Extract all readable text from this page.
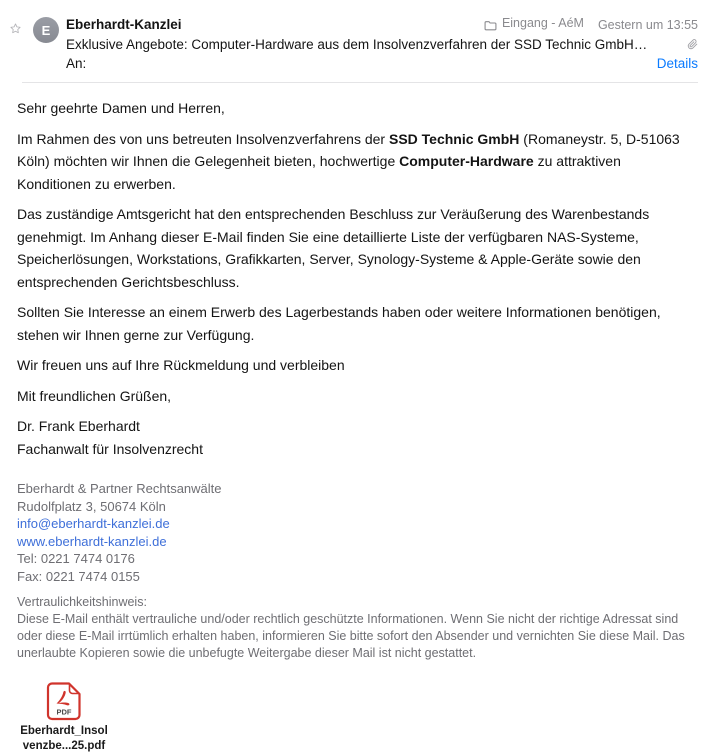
E Eberhardt-Kanzlei	Eingang - AéM Gestern um 13:55
Exklusive Angebote: Computer-Hardware aus dem Insolvenzverfahren der SSD Technic GmbH…
An:	Details

Sehr geehrte Damen und Herren,

Im Rahmen des von uns betreuten Insolvenzverfahrens der SSD Technic GmbH (Romaneystr. 5, D-51063 Köln) möchten wir Ihnen die Gelegenheit bieten, hochwertige Computer-Hardware zu attraktiven Konditionen zu erwerben.

Das zuständige Amtsgericht hat den entsprechenden Beschluss zur Veräußerung des Warenbestands genehmigt. Im Anhang dieser E-Mail finden Sie eine detaillierte Liste der verfügbaren NAS-Systeme, Speicherlösungen, Workstations, Grafikkarten, Server, Synology-Systeme & Apple-Geräte sowie den entsprechenden Gerichtsbeschluss.

Sollten Sie Interesse an einem Erwerb des Lagerbestands haben oder weitere Informationen benötigen, stehen wir Ihnen gerne zur Verfügung.

Wir freuen uns auf Ihre Rückmeldung und verbleiben

Mit freundlichen Grüßen,

Dr. Frank Eberhardt
Fachanwalt für Insolvenzrecht

Eberhardt & Partner Rechtsanwälte
Rudolfplatz 3, 50674 Köln
info@eberhardt-kanzlei.de
www.eberhardt-kanzlei.de
Tel: 0221 7474 0176
Fax: 0221 7474 0155
Vertraulichkeitshinweis:
Diese E-Mail enthält vertrauliche und/oder rechtlich geschützte Informationen. Wenn Sie nicht der richtige Adressat sind oder diese E-Mail irrtümlich erhalten haben, informieren Sie bitte sofort den Absender und vernichten Sie diese Mail. Das unerlaubte Kopieren sowie die unbefugte Weitergabe dieser Mail ist nicht gestattet.
PDF
Eberhardt_Insol
venzbe...25.pdf
